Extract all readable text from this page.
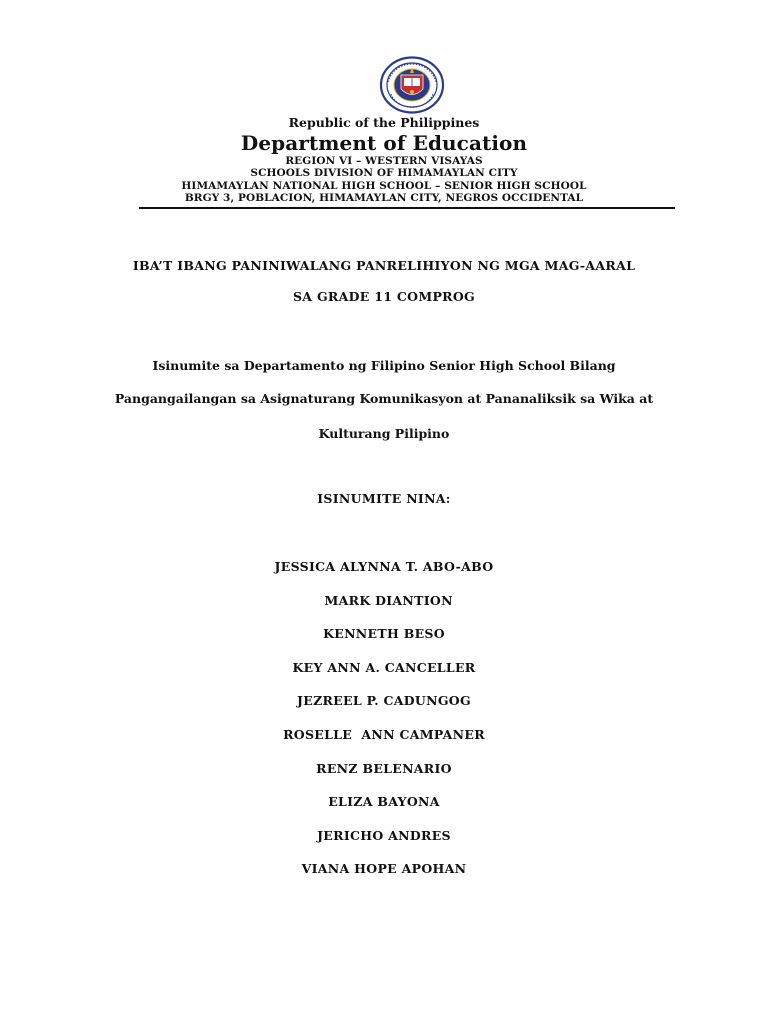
Republic of the Philippines
Department of Education
REGION VI – WESTERN VISAYAS
SCHOOLS DIVISION OF HIMAMAYLAN CITY
HIMAMAYLAN NATIONAL HIGH SCHOOL – SENIOR HIGH SCHOOL
BRGY 3, POBLACION, HIMAMAYLAN CITY, NEGROS OCCIDENTAL
IBA’T IBANG PANINIWALANG PANRELIHIYON NG MGA MAG-AARAL
SA GRADE 11 COMPROG
Isinumite sa Departamento ng Filipino Senior High School Bilang
Pangangailangan sa Asignaturang Komunikasyon at Pananaliksik sa Wika at
Kulturang Pilipino
ISINUMITE NINA:
JESSICA ALYNNA T. ABO-ABO
MARK DIANTION
KENNETH BESO
KEY ANN A. CANCELLER
JEZREEL P. CADUNGOG
ROSELLE  ANN CAMPANER
RENZ BELENARIO
ELIZA BAYONA
JERICHO ANDRES
VIANA HOPE APOHAN
